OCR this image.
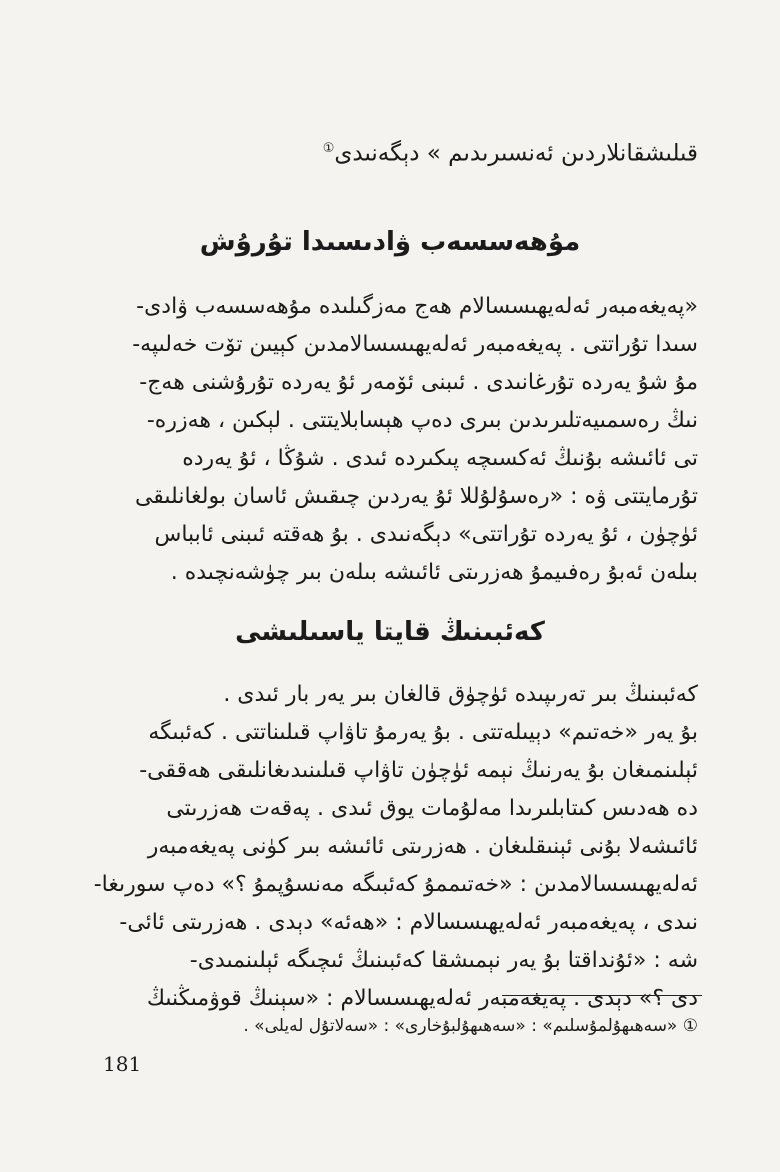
قىلىشقانلاردىن ئەنسىرىدىم » دېگەنىدى①
مۇھەسسەب ۋادىسىدا تۇرۇش
«پەيغەمبەر ئەلەيھىسسالام ھەج مەزگىلىدە مۇھەسسەب ۋادى-
سىدا تۇراتتى . پەيغەمبەر ئەلەيھىسسالامدىن كېيىن تۆت خەلىپە-
مۇ شۇ يەردە تۇرغانىدى . ئىبنى ئۆمەر ئۇ يەردە تۇرۇشنى ھەج-
نىڭ رەسمىيەتلىرىدىن بىرى دەپ ھېسابلايتتى . لېكىن ، ھەزرە-
تى ئائىشە بۇنىڭ ئەكسىچە پىكىردە ئىدى . شۇڭا ، ئۇ يەردە
تۇرمايتتى ۋە : «رەسۇلۇللا ئۇ يەردىن چىقىش ئاسان بولغانلىقى
ئۈچۈن ، ئۇ يەردە تۇراتتى» دېگەنىدى . بۇ ھەقتە ئىبنى ئابباس
بىلەن ئەبۇ رەفىيمۇ ھەزرىتى ئائىشە بىلەن بىر چۈشەنچىدە .
كەئبىنىڭ قايتا ياسىلىشى
كەئبىنىڭ بىر تەرىپىدە ئۈچۈق قالغان بىر يەر بار ئىدى .
بۇ يەر «خەتىم» دېيىلەتتى . بۇ يەرمۇ تاۋاپ قىلىناتتى . كەئبىگە
ئېلىنمىغان بۇ يەرنىڭ نېمە ئۈچۈن تاۋاپ قىلىنىدىغانلىقى ھەققى-
دە ھەدىس كىتابلىرىدا مەلۇمات يوق ئىدى . پەقەت ھەزرىتى
ئائىشەلا بۇنى ئېنىقلىغان . ھەزرىتى ئائىشە بىر كۈنى پەيغەمبەر
ئەلەيھىسسالامدىن : «خەتىممۇ كەئبىگە مەنسۇپمۇ ؟» دەپ سورىغا-
نىدى ، پەيغەمبەر ئەلەيھىسسالام : «ھەئە» دېدى . ھەزرىتى ئائى-
شە : «ئۇنداقتا بۇ يەر نېمىشقا كەئبىنىڭ ئىچىگە ئېلىنمىدى-
دى ؟» دېدى . پەيغەمبەر ئەلەيھىسسالام : «سېنىڭ قوۋمىڭنىڭ
① «سەھىھۇلمۇسلىم» : «سەھىھۇلبۇخارى» : «سەلاتۇل لەيلى» .
181
